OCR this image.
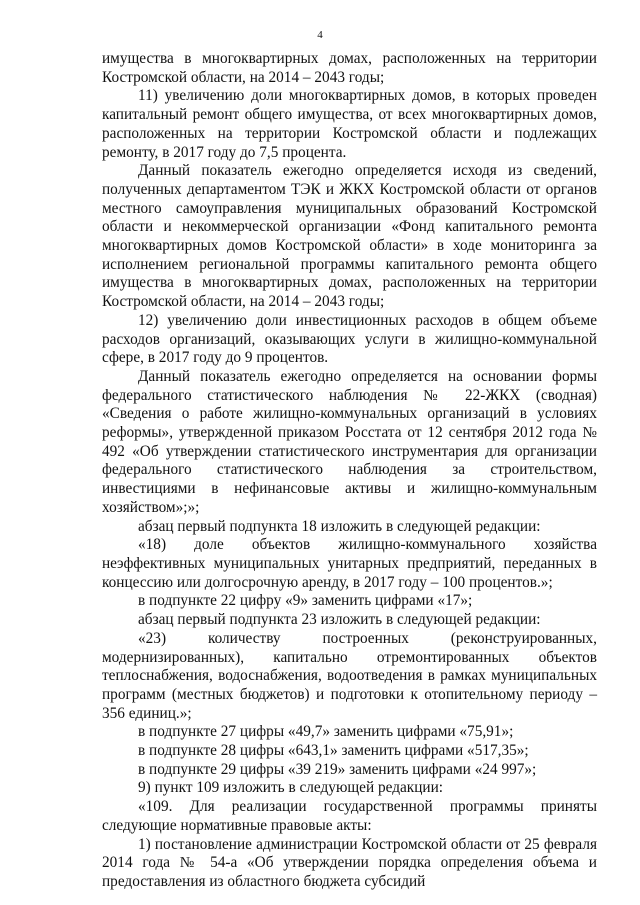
4

имущества в многоквартирных домах, расположенных на территории Костромской области, на 2014 – 2043 годы;

11) увеличению доли многоквартирных домов, в которых проведен капитальный ремонт общего имущества, от всех многоквартирных домов, расположенных на территории Костромской области и подлежащих ремонту, в 2017 году до 7,5 процента.

Данный показатель ежегодно определяется исходя из сведений, полученных департаментом ТЭК и ЖКХ Костромской области от органов местного самоуправления муниципальных образований Костромской области и некоммерческой организации «Фонд капитального ремонта многоквартирных домов Костромской области» в ходе мониторинга за исполнением региональной программы капитального ремонта общего имущества в многоквартирных домах, расположенных на территории Костромской области, на 2014 – 2043 годы;

12) увеличению доли инвестиционных расходов в общем объеме расходов организаций, оказывающих услуги в жилищно-коммунальной сфере, в 2017 году до 9 процентов.

Данный показатель ежегодно определяется на основании формы федерального статистического наблюдения № 22-ЖКХ (сводная) «Сведения о работе жилищно-коммунальных организаций в условиях реформы», утвержденной приказом Росстата от 12 сентября 2012 года № 492 «Об утверждении статистического инструментария для организации федерального статистического наблюдения за строительством, инвестициями в нефинансовые активы и жилищно-коммунальным хозяйством»;»;

абзац первый подпункта 18 изложить в следующей редакции:

«18) доле объектов жилищно-коммунального хозяйства неэффективных муниципальных унитарных предприятий, переданных в концессию или долгосрочную аренду, в 2017 году – 100 процентов.»;

в подпункте 22 цифру «9» заменить цифрами «17»;

абзац первый подпункта 23 изложить в следующей редакции:

«23) количеству построенных (реконструированных, модернизированных), капитально отремонтированных объектов теплоснабжения, водоснабжения, водоотведения в рамках муниципальных программ (местных бюджетов) и подготовки к отопительному периоду – 356 единиц.»;

в подпункте 27 цифры «49,7» заменить цифрами «75,91»;

в подпункте 28 цифры «643,1» заменить цифрами «517,35»;

в подпункте 29 цифры «39 219» заменить цифрами «24 997»;

9) пункт 109 изложить в следующей редакции:

«109. Для реализации государственной программы приняты следующие нормативные правовые акты:

1) постановление администрации Костромской области от 25 февраля 2014 года № 54-а «Об утверждении порядка определения объема и предоставления из областного бюджета субсидий
